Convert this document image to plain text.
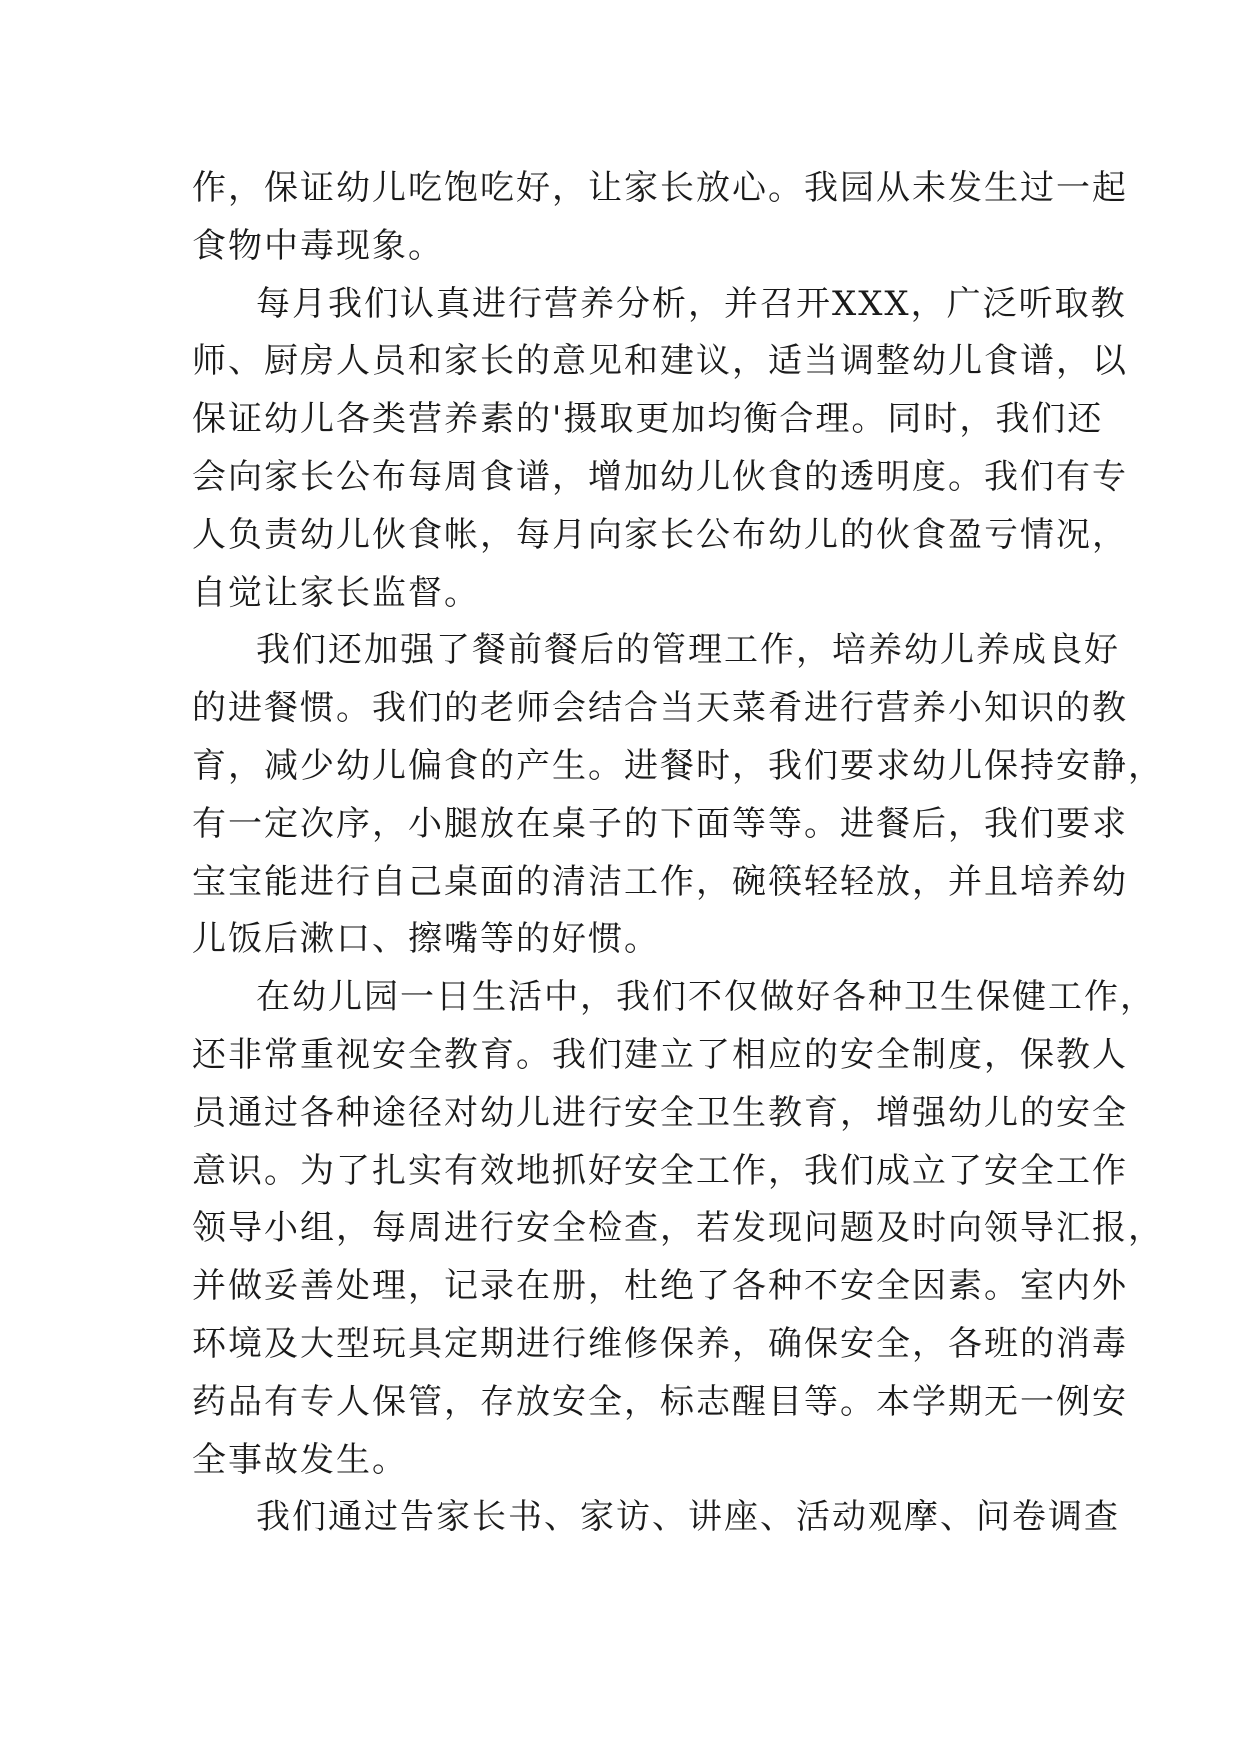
作，保证幼儿吃饱吃好，让家长放心。我园从未发生过一起
食物中毒现象。
每月我们认真进行营养分析，并召开XXX，广泛听取教
师、厨房人员和家长的意见和建议，适当调整幼儿食谱，以
保证幼儿各类营养素的'摄取更加均衡合理。同时，我们还
会向家长公布每周食谱，增加幼儿伙食的透明度。我们有专
人负责幼儿伙食帐，每月向家长公布幼儿的伙食盈亏情况，
自觉让家长监督。
我们还加强了餐前餐后的管理工作，培养幼儿养成良好
的进餐惯。我们的老师会结合当天菜肴进行营养小知识的教
育，减少幼儿偏食的产生。进餐时，我们要求幼儿保持安静，
有一定次序，小腿放在桌子的下面等等。进餐后，我们要求
宝宝能进行自己桌面的清洁工作，碗筷轻轻放，并且培养幼
儿饭后漱口、擦嘴等的好惯。
在幼儿园一日生活中，我们不仅做好各种卫生保健工作，
还非常重视安全教育。我们建立了相应的安全制度，保教人
员通过各种途径对幼儿进行安全卫生教育，增强幼儿的安全
意识。为了扎实有效地抓好安全工作，我们成立了安全工作
领导小组，每周进行安全检查，若发现问题及时向领导汇报，
并做妥善处理，记录在册，杜绝了各种不安全因素。室内外
环境及大型玩具定期进行维修保养，确保安全，各班的消毒
药品有专人保管，存放安全，标志醒目等。本学期无一例安
全事故发生。
我们通过告家长书、家访、讲座、活动观摩、问卷调查
